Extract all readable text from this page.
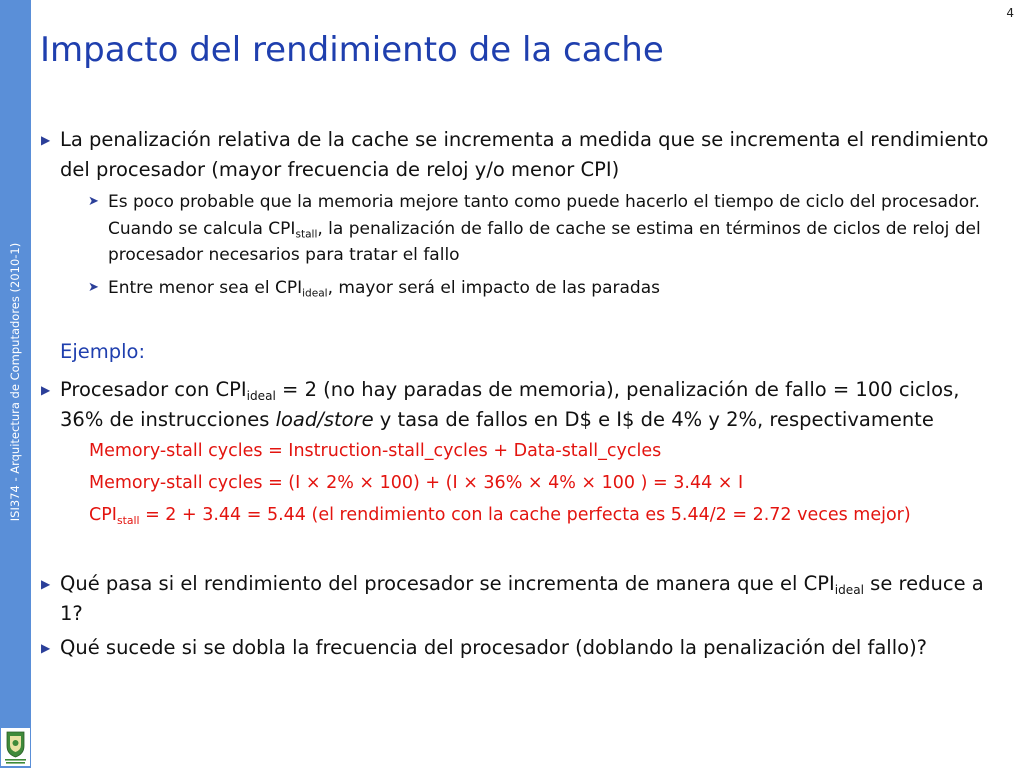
ISI374 - Arquitectura de Computadores (2010-1)
4
Impacto del rendimiento de la cache
▶ La penalización relativa de la cache se incrementa a medida que se incrementa el rendimiento del procesador (mayor frecuencia de reloj y/o menor CPI)
➤ Es poco probable que la memoria mejore tanto como puede hacerlo el tiempo de ciclo del procesador. Cuando se calcula $CPI_{stall}$, la penalización de fallo de cache se estima en términos de ciclos de reloj del procesador necesarios para tratar el fallo
➤ Entre menor sea el $CPI_{ideal}$, mayor será el impacto de las paradas
Ejemplo:
▶ Procesador con $CPI_{ideal} = 2$ (no hay paradas de memoria), penalización de fallo = 100 ciclos, 36% de instrucciones load/store y tasa de fallos en D$ e I$ de 4% y 2%, respectivamente
Memory-stall cycles = Instruction-stall_cycles + Data-stall_cycles
Memory-stall cycles = (I × 2% × 100) + (I × 36% × 4% × 100 ) = 3.44 × I
$CPI_{stall} = 2 + 3.44 = 5.44$ (el rendimiento con la cache perfecta es 5.44/2 = 2.72 veces mejor)
▶ Qué pasa si el rendimiento del procesador se incrementa de manera que el $CPI_{ideal}$ se reduce a 1?
▶ Qué sucede si se dobla la frecuencia del procesador (doblando la penalización del fallo)?
